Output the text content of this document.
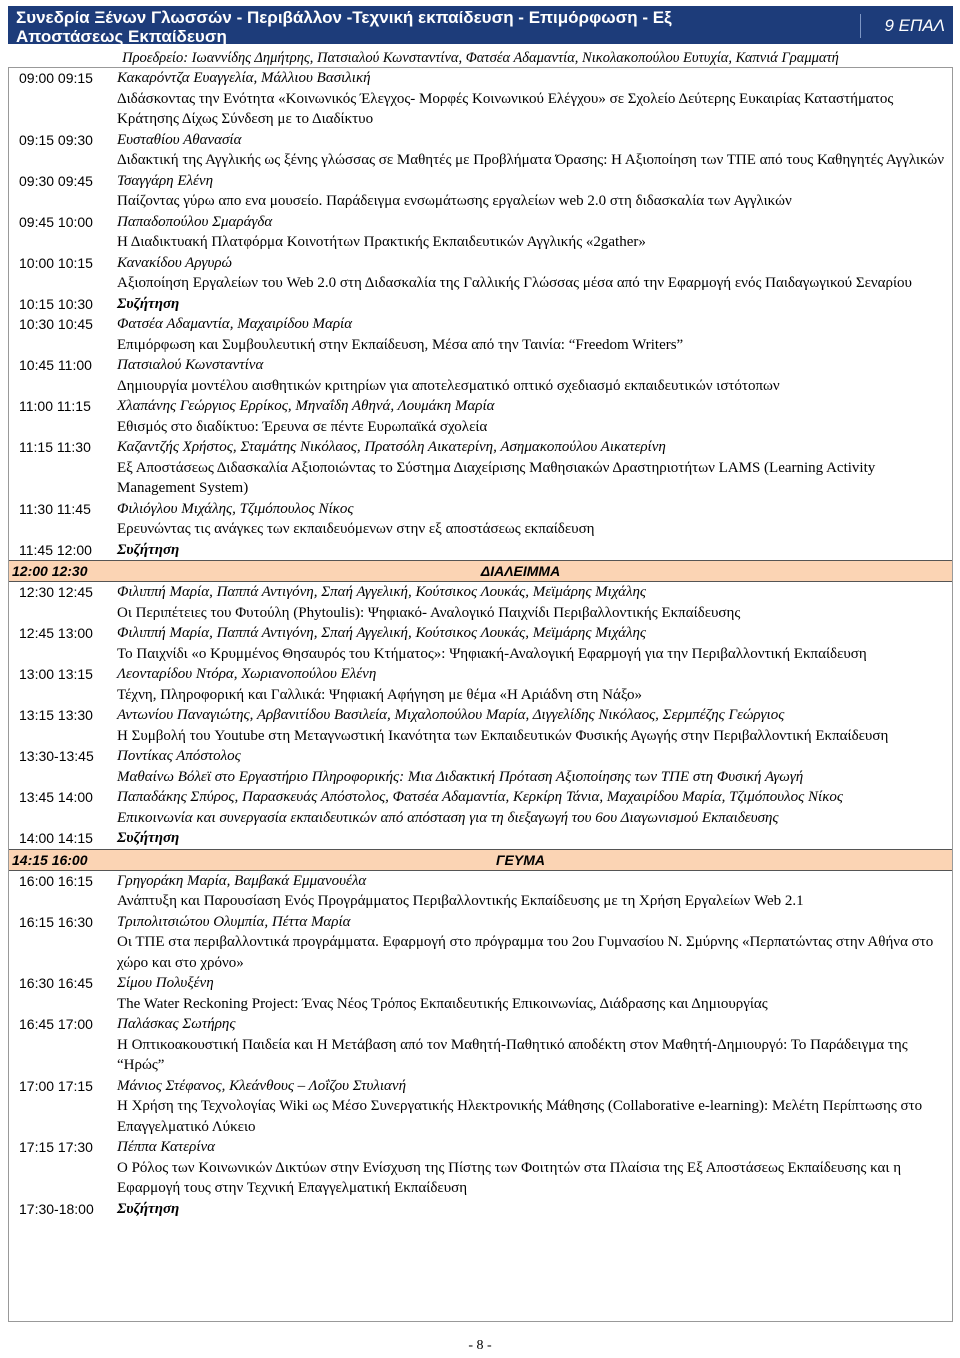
Συνεδρία Ξένων Γλωσσών - Περιβάλλον -Τεχνική εκπαίδευση - Επιμόρφωση - Εξ Αποστάσεως Εκπαίδευση
9 ΕΠΑΛ
Προεδρείο: Ιωαννίδης Δημήτρης, Πατσιαλού Κωνσταντίνα, Φατσέα Αδαμαντία, Νικολακοπούλου Ευτυχία, Καπνιά Γραμματή
09:00 09:15	Κακαρόντζα Ευαγγελία, Μάλλιου Βασιλική
Διδάσκοντας την Ενότητα «Κοινωνικός Έλεγχος- Μορφές Κοινωνικού Ελέγχου» σε Σχολείο Δεύτερης Ευκαιρίας Καταστήματος Κράτησης Δίχως Σύνδεση με το Διαδίκτυο
09:15 09:30	Ευσταθίου Αθανασία
Διδακτική της Αγγλικής ως ξένης γλώσσας σε Μαθητές με Προβλήματα Όρασης: Η Αξιοποίηση των ΤΠΕ από τους Καθηγητές Αγγλικών
09:30 09:45	Τσαγγάρη Ελένη
Παίζοντας γύρω απο ενα μουσείο. Παράδειγμα ενσωμάτωσης εργαλείων web 2.0 στη διδασκαλία των Αγγλικών
09:45 10:00	Παπαδοπούλου Σμαράγδα
Η Διαδικτυακή Πλατφόρμα Κοινοτήτων Πρακτικής Εκπαιδευτικών Αγγλικής «2gather»
10:00 10:15	Κανακίδου Αργυρώ
Αξιοποίηση Εργαλείων του Web 2.0 στη Διδασκαλία της Γαλλικής Γλώσσας μέσα από την Εφαρμογή ενός Παιδαγωγικού Σεναρίου
10:15 10:30	Συζήτηση
10:30 10:45	Φατσέα Αδαμαντία, Μαχαιρίδου Μαρία
Επιμόρφωση και Συμβουλευτική στην Εκπαίδευση, Μέσα από την Ταινία: “Freedom Writers”
10:45 11:00	Πατσιαλού Κωνσταντίνα
Δημιουργία μοντέλου αισθητικών κριτηρίων για αποτελεσματικό οπτικό σχεδιασμό εκπαιδευτικών ιστότοπων
11:00 11:15	Χλαπάνης Γεώργιος Ερρίκος, Μηναΐδη Αθηνά, Λουμάκη Μαρία
Εθισμός στο διαδίκτυο: Έρευνα σε πέντε Ευρωπαϊκά σχολεία
11:15 11:30	Καζαντζής Χρήστος, Σταμάτης Νικόλαος, Πρατσόλη Αικατερίνη, Ασημακοπούλου Αικατερίνη
Εξ Αποστάσεως Διδασκαλία Αξιοποιώντας το Σύστημα Διαχείρισης Μαθησιακών Δραστηριοτήτων LAMS (Learning Activity Management System)
11:30 11:45	Φιλιόγλου Μιχάλης, Τζιμόπουλος Νίκος
Ερευνώντας τις ανάγκες των εκπαιδευόμενων στην εξ αποστάσεως εκπαίδευση
11:45 12:00	Συζήτηση
12:00 12:30	ΔΙΑΛΕΙΜΜΑ
12:30 12:45	Φιλιππή Μαρία, Παππά Αντιγόνη, Σπαή Αγγελική, Κούτσικος Λουκάς, Μεϊμάρης Μιχάλης
Οι Περιπέτειες του Φυτούλη (Phytoulis): Ψηφιακό- Αναλογικό Παιχνίδι Περιβαλλοντικής Εκπαίδευσης
12:45 13:00	Φιλιππή Μαρία, Παππά Αντιγόνη, Σπαή Αγγελική, Κούτσικος Λουκάς, Μεϊμάρης Μιχάλης
Το Παιχνίδι «ο Κρυμμένος Θησαυρός του Κτήματος»: Ψηφιακή-Αναλογική Εφαρμογή για την Περιβαλλοντική Εκπαίδευση
13:00 13:15	Λεονταρίδου Ντόρα, Χωριανοπούλου Ελένη
Τέχνη, Πληροφορική και Γαλλικά: Ψηφιακή Αφήγηση με θέμα «Η Αριάδνη στη Νάξο»
13:15 13:30	Αντωνίου Παναγιώτης, Αρβανιτίδου Βασιλεία, Μιχαλοπούλου Μαρία, Διγγελίδης Νικόλαος, Σερμπέζης Γεώργιος
Η Συμβολή του Youtube στη Μεταγνωστική Ικανότητα των Εκπαιδευτικών Φυσικής Αγωγής στην Περιβαλλοντική Εκπαίδευση
13:30-13:45	Ποντίκας Απόστολος
Μαθαίνω Βόλεϊ στο Εργαστήριο Πληροφορικής: Μια Διδακτική Πρόταση Αξιοποίησης των ΤΠΕ στη Φυσική Αγωγή
13:45 14:00	Παπαδάκης Σπύρος, Παρασκευάς Απόστολος, Φατσέα Αδαμαντία, Κερκίρη Τάνια, Μαχαιρίδου Μαρία, Τζιμόπουλος Νίκος
Επικοινωνία και συνεργασία εκπαιδευτικών από απόσταση για τη διεξαγωγή του 6ου Διαγωνισμού Εκπαιδευσης
14:00 14:15	Συζήτηση
14:15 16:00	ΓΕΥΜΑ
16:00 16:15	Γρηγοράκη Μαρία, Βαμβακά Εμμανουέλα
Ανάπτυξη και Παρουσίαση Ενός Προγράμματος Περιβαλλοντικής Εκπαίδευσης με τη Χρήση Εργαλείων Web 2.1
16:15 16:30	Τριπολιτσιώτου Ολυμπία, Πέττα Μαρία
Οι ΤΠΕ στα περιβαλλοντικά προγράμματα. Εφαρμογή στο πρόγραμμα του 2ου Γυμνασίου Ν. Σμύρνης «Περπατώντας στην Αθήνα στο χώρο και στο χρόνο»
16:30 16:45	Σίμου Πολυξένη
The Water Reckoning Project: Ένας Νέος Τρόπος Εκπαιδευτικής Επικοινωνίας, Διάδρασης και Δημιουργίας
16:45 17:00	Παλάσκας Σωτήρης
Η Οπτικοακουστική Παιδεία και Η Μετάβαση από τον Μαθητή-Παθητικό αποδέκτη στον Μαθητή-Δημιουργό: Το Παράδειγμα της “Ηρώς”
17:00 17:15	Μάνιος Στέφανος, Κλεάνθους – Λοΐζου Στυλιανή
Η Χρήση της Τεχνολογίας Wiki ως Μέσο Συνεργατικής Ηλεκτρονικής Μάθησης (Collaborative e-learning): Μελέτη Περίπτωσης στο Επαγγελματικό Λύκειο
17:15 17:30	Πέππα Κατερίνα
Ο Ρόλος των Κοινωνικών Δικτύων στην Ενίσχυση της Πίστης των Φοιτητών στα Πλαίσια της Εξ Αποστάσεως Εκπαίδευσης και η Εφαρμογή τους στην Τεχνική Επαγγελματική Εκπαίδευση
17:30-18:00	Συζήτηση
- 8 -
